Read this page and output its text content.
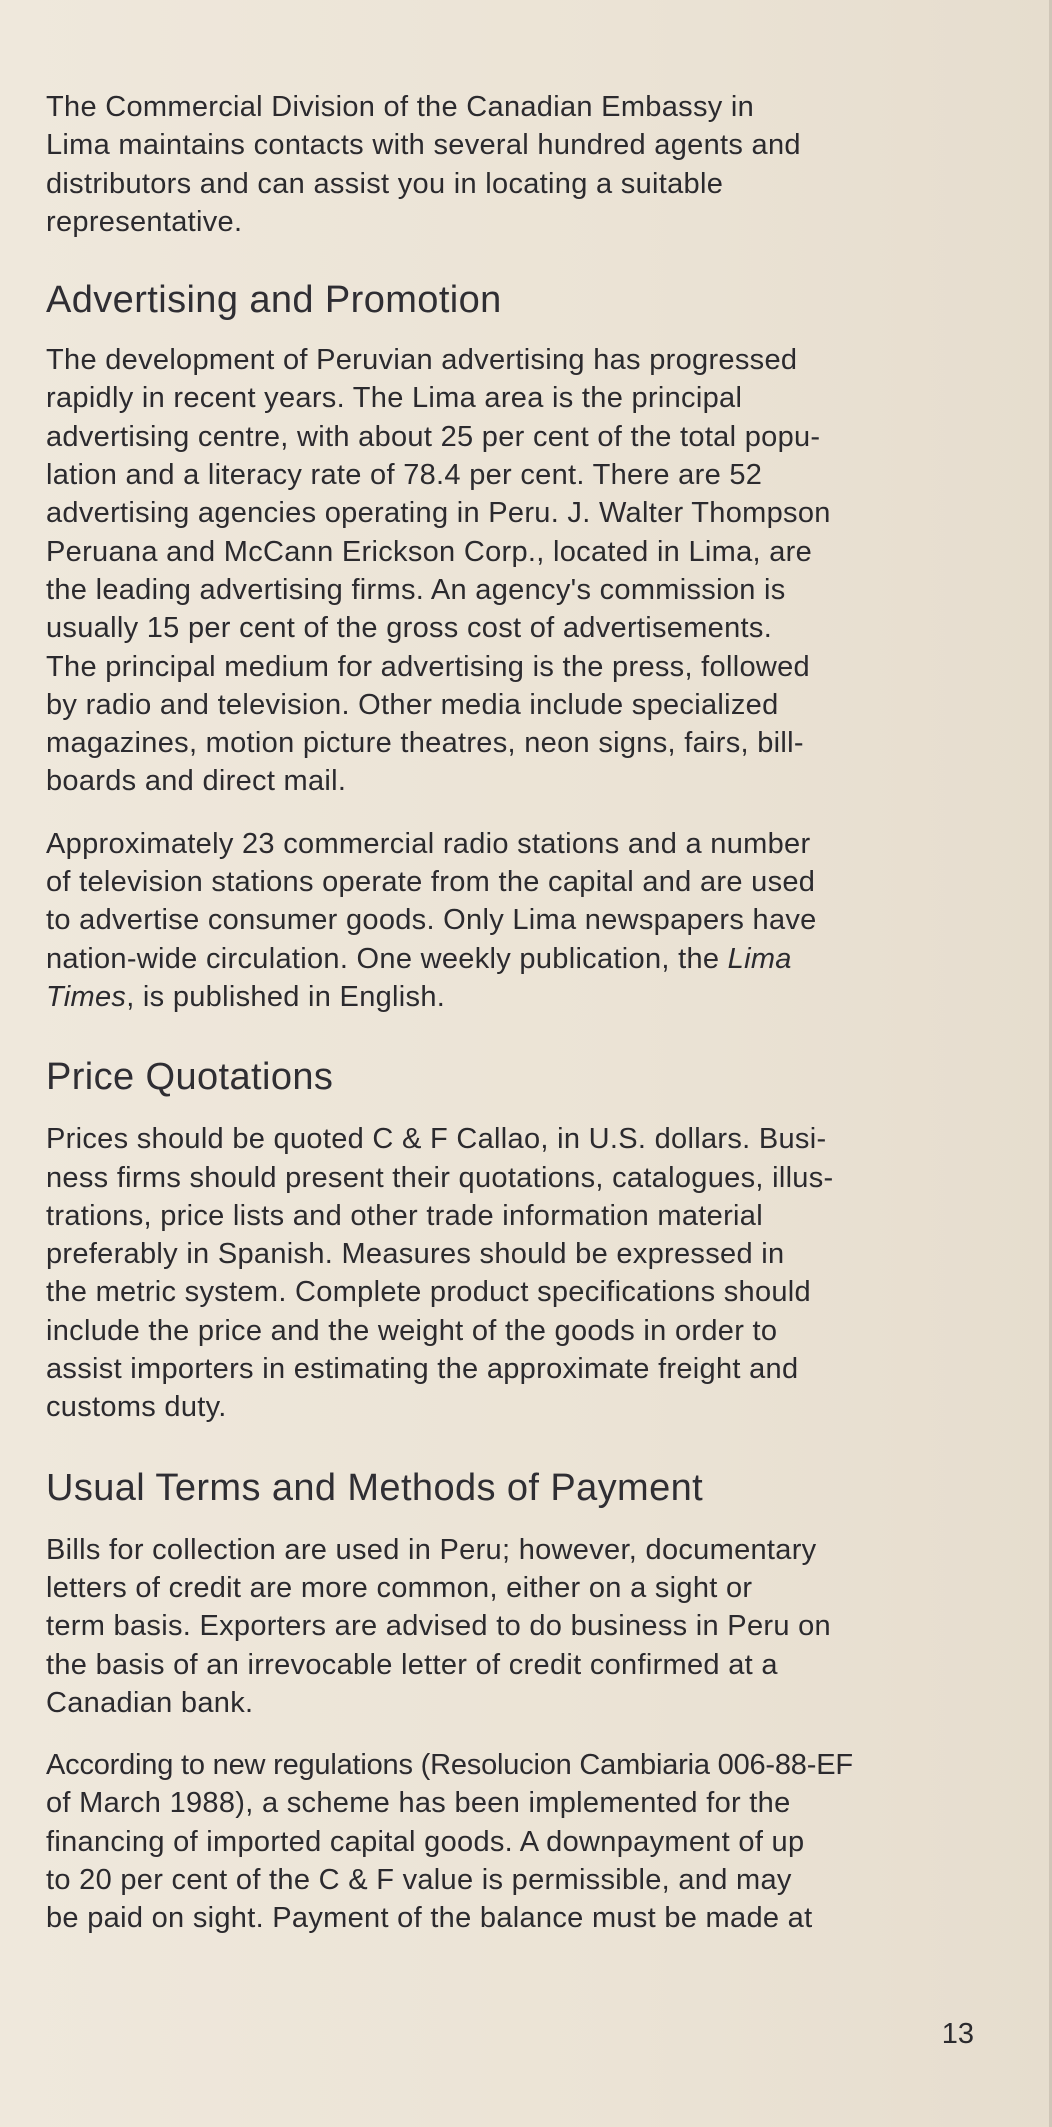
The Commercial Division of the Canadian Embassy in
Lima maintains contacts with several hundred agents and
distributors and can assist you in locating a suitable
representative.

Advertising and Promotion

The development of Peruvian advertising has progressed
rapidly in recent years. The Lima area is the principal
advertising centre, with about 25 per cent of the total popu-
lation and a literacy rate of 78.4 per cent. There are 52
advertising agencies operating in Peru. J. Walter Thompson
Peruana and McCann Erickson Corp., located in Lima, are
the leading advertising firms. An agency's commission is
usually 15 per cent of the gross cost of advertisements.
The principal medium for advertising is the press, followed
by radio and television. Other media include specialized
magazines, motion picture theatres, neon signs, fairs, bill-
boards and direct mail.

Approximately 23 commercial radio stations and a number
of television stations operate from the capital and are used
to advertise consumer goods. Only Lima newspapers have
nation-wide circulation. One weekly publication, the Lima
Times, is published in English.

Price Quotations

Prices should be quoted C & F Callao, in U.S. dollars. Busi-
ness firms should present their quotations, catalogues, illus-
trations, price lists and other trade information material
preferably in Spanish. Measures should be expressed in
the metric system. Complete product specifications should
include the price and the weight of the goods in order to
assist importers in estimating the approximate freight and
customs duty.

Usual Terms and Methods of Payment

Bills for collection are used in Peru; however, documentary
letters of credit are more common, either on a sight or
term basis. Exporters are advised to do business in Peru on
the basis of an irrevocable letter of credit confirmed at a
Canadian bank.

According to new regulations (Resolucion Cambiaria 006-88-EF
of March 1988), a scheme has been implemented for the
financing of imported capital goods. A downpayment of up
to 20 per cent of the C & F value is permissible, and may
be paid on sight. Payment of the balance must be made at

13
